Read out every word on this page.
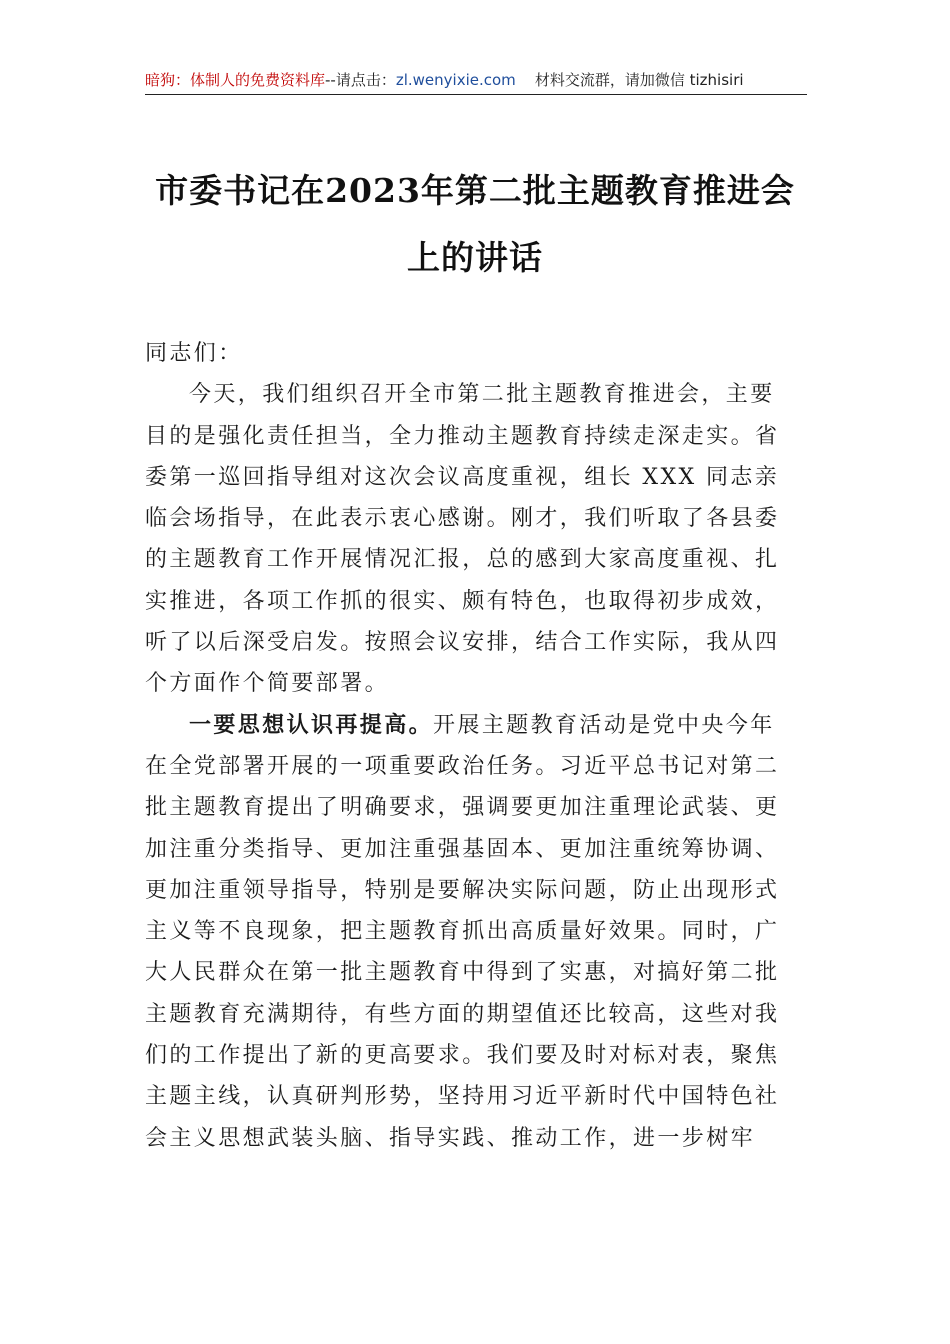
暗狗：体制人的免费资料库--请点击：zl.wenyixie.com 材料交流群，请加微信 tizhisiri
市委书记在2023年第二批主题教育推进会
上的讲话

同志们：

今天，我们组织召开全市第二批主题教育推进会，主要

目的是强化责任担当，全力推动主题教育持续走深走实。省

委第一巡回指导组对这次会议高度重视，组长 XXX 同志亲

临会场指导，在此表示衷心感谢。刚才，我们听取了各县委

的主题教育工作开展情况汇报，总的感到大家高度重视、扎

实推进，各项工作抓的很实、颇有特色，也取得初步成效，

听了以后深受启发。按照会议安排，结合工作实际，我从四

个方面作个简要部署。

一要思想认识再提高。开展主题教育活动是党中央今年

在全党部署开展的一项重要政治任务。习近平总书记对第二

批主题教育提出了明确要求，强调要更加注重理论武装、更

加注重分类指导、更加注重强基固本、更加注重统筹协调、

更加注重领导指导，特别是要解决实际问题，防止出现形式

主义等不良现象，把主题教育抓出高质量好效果。同时，广

大人民群众在第一批主题教育中得到了实惠，对搞好第二批

主题教育充满期待，有些方面的期望值还比较高，这些对我

们的工作提出了新的更高要求。我们要及时对标对表，聚焦

主题主线，认真研判形势，坚持用习近平新时代中国特色社

会主义思想武装头脑、指导实践、推动工作，进一步树牢
